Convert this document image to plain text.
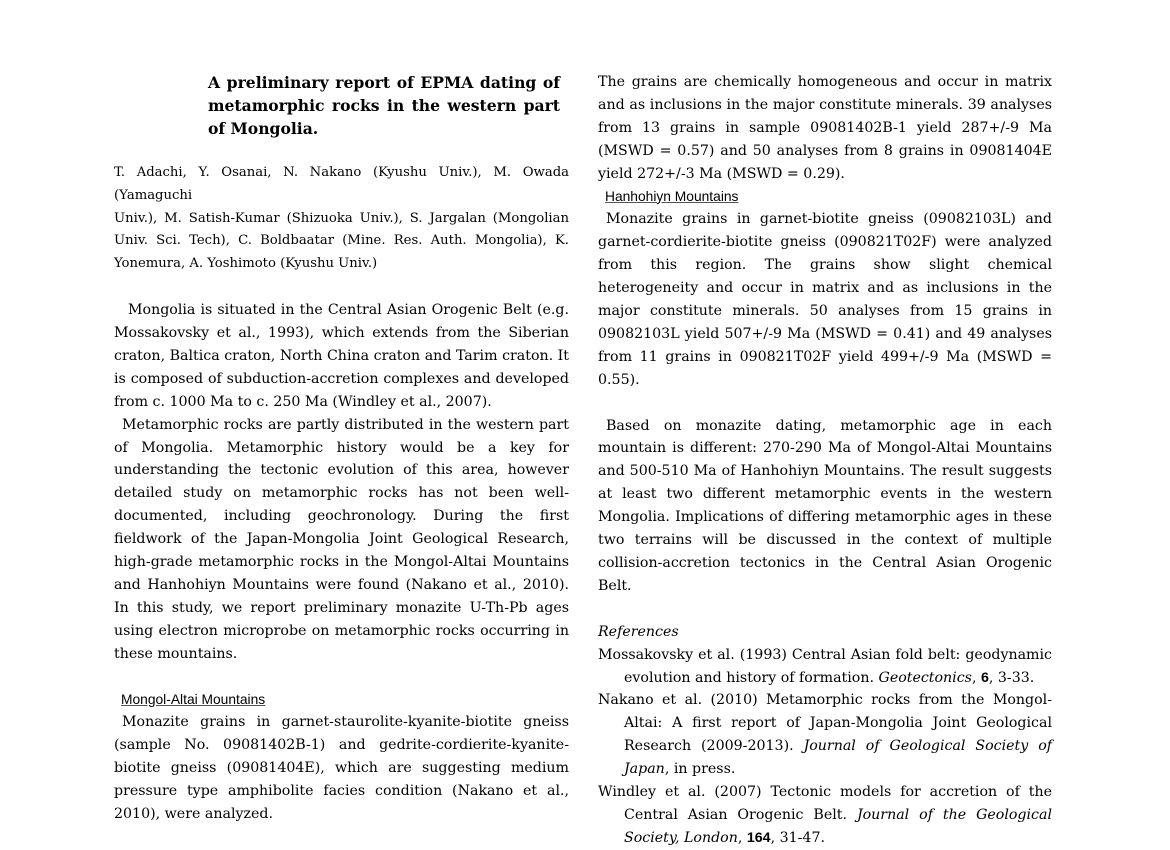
A preliminary report of EPMA dating of metamorphic rocks in the western part of Mongolia.
T. Adachi, Y. Osanai, N. Nakano (Kyushu Univ.), M. Owada (Yamaguchi
Univ.), M. Satish-Kumar (Shizuoka Univ.), S. Jargalan (Mongolian
Univ. Sci. Tech), C. Boldbaatar (Mine. Res. Auth. Mongolia), K.
Yonemura, A. Yoshimoto (Kyushu Univ.)

Mongolia is situated in the Central Asian Orogenic Belt (e.g. Mossakovsky et al., 1993), which extends from the Siberian craton, Baltica craton, North China craton and Tarim craton. It is composed of subduction-accretion complexes and developed from c. 1000 Ma to c. 250 Ma (Windley et al., 2007).

Metamorphic rocks are partly distributed in the western part of Mongolia. Metamorphic history would be a key for understanding the tectonic evolution of this area, however detailed study on metamorphic rocks has not been well-documented, including geochronology. During the first fieldwork of the Japan-Mongolia Joint Geological Research, high-grade metamorphic rocks in the Mongol-Altai Mountains and Hanhohiyn Mountains were found (Nakano et al., 2010). In this study, we report preliminary monazite U-Th-Pb ages using electron microprobe on metamorphic rocks occurring in these mountains.

Mongol-Altai Mountains

Monazite grains in garnet-staurolite-kyanite-biotite gneiss (sample No. 09081402B-1) and gedrite-cordierite-kyanite-biotite gneiss (09081404E), which are suggesting medium pressure type amphibolite facies condition (Nakano et al., 2010), were analyzed.

The grains are chemically homogeneous and occur in matrix and as inclusions in the major constitute minerals. 39 analyses from 13 grains in sample 09081402B-1 yield 287+/-9 Ma (MSWD = 0.57) and 50 analyses from 8 grains in 09081404E yield 272+/-3 Ma (MSWD = 0.29).

Hanhohiyn Mountains

Monazite grains in garnet-biotite gneiss (09082103L) and garnet-cordierite-biotite gneiss (090821T02F) were analyzed from this region. The grains show slight chemical heterogeneity and occur in matrix and as inclusions in the major constitute minerals. 50 analyses from 15 grains in 09082103L yield 507+/-9 Ma (MSWD = 0.41) and 49 analyses from 11 grains in 090821T02F yield 499+/-9 Ma (MSWD = 0.55).

Based on monazite dating, metamorphic age in each mountain is different: 270-290 Ma of Mongol-Altai Mountains and 500-510 Ma of Hanhohiyn Mountains. The result suggests at least two different metamorphic events in the western Mongolia. Implications of differing metamorphic ages in these two terrains will be discussed in the context of multiple collision-accretion tectonics in the Central Asian Orogenic Belt.

References

Mossakovsky et al. (1993) Central Asian fold belt: geodynamic evolution and history of formation. Geotectonics, 6, 3-33.
Nakano et al. (2010) Metamorphic rocks from the Mongol-Altai: A first report of Japan-Mongolia Joint Geological Research (2009-2013). Journal of Geological Society of Japan, in press.
Windley et al. (2007) Tectonic models for accretion of the Central Asian Orogenic Belt. Journal of the Geological Society, London, 164, 31-47.
